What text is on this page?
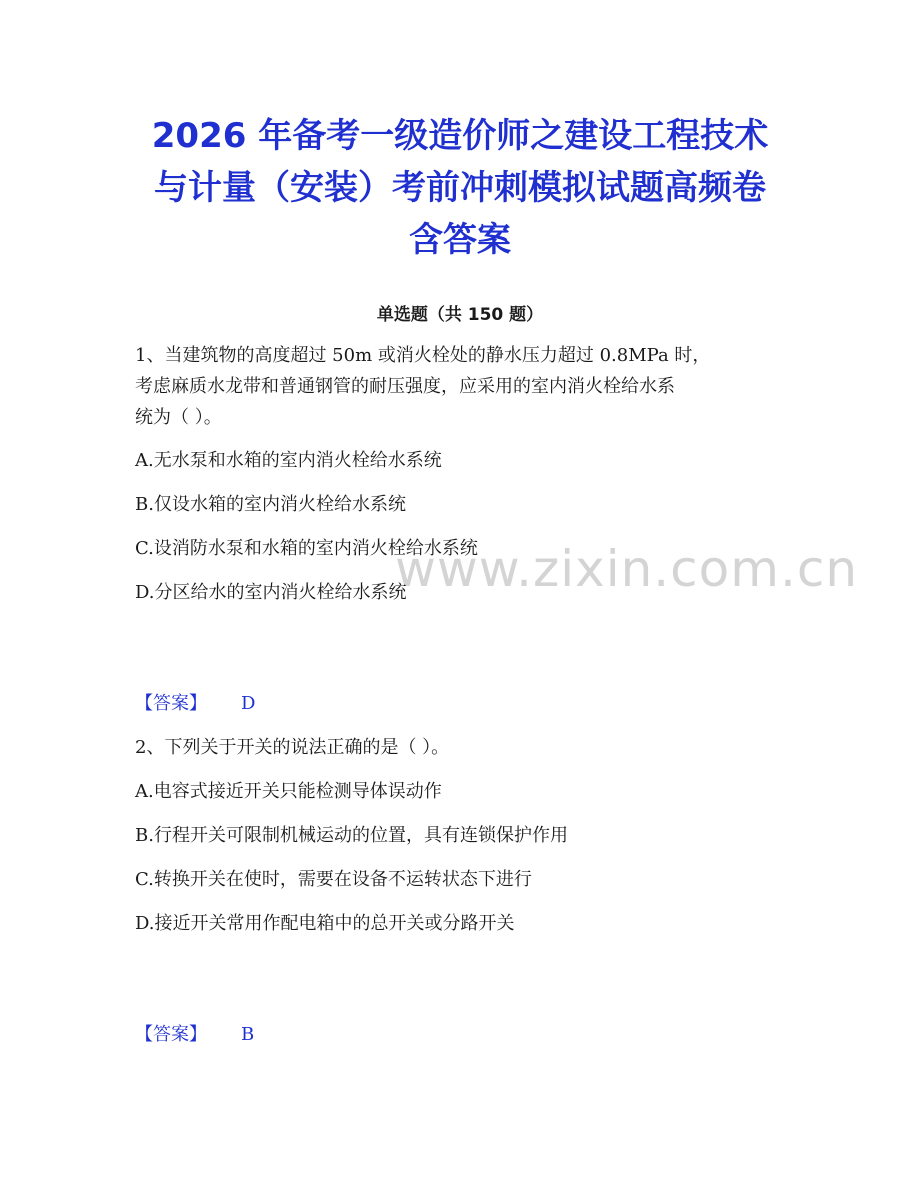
2026 年备考一级造价师之建设工程技术
与计量（安装）考前冲刺模拟试题高频卷
含答案
单选题（共 150 题）
www.zixin.com.cn
1、当建筑物的高度超过 50m 或消火栓处的静水压力超过 0.8MPa 时，
考虑麻质水龙带和普通钢管的耐压强度，应采用的室内消火栓给水系
统为（ ）。
A.无水泵和水箱的室内消火栓给水系统
B.仅设水箱的室内消火栓给水系统
C.设消防水泵和水箱的室内消火栓给水系统
D.分区给水的室内消火栓给水系统
【答案】 D
2、下列关于开关的说法正确的是（ ）。
A.电容式接近开关只能检测导体误动作
B.行程开关可限制机械运动的位置，具有连锁保护作用
C.转换开关在使时，需要在设备不运转状态下进行
D.接近开关常用作配电箱中的总开关或分路开关
【答案】 B
